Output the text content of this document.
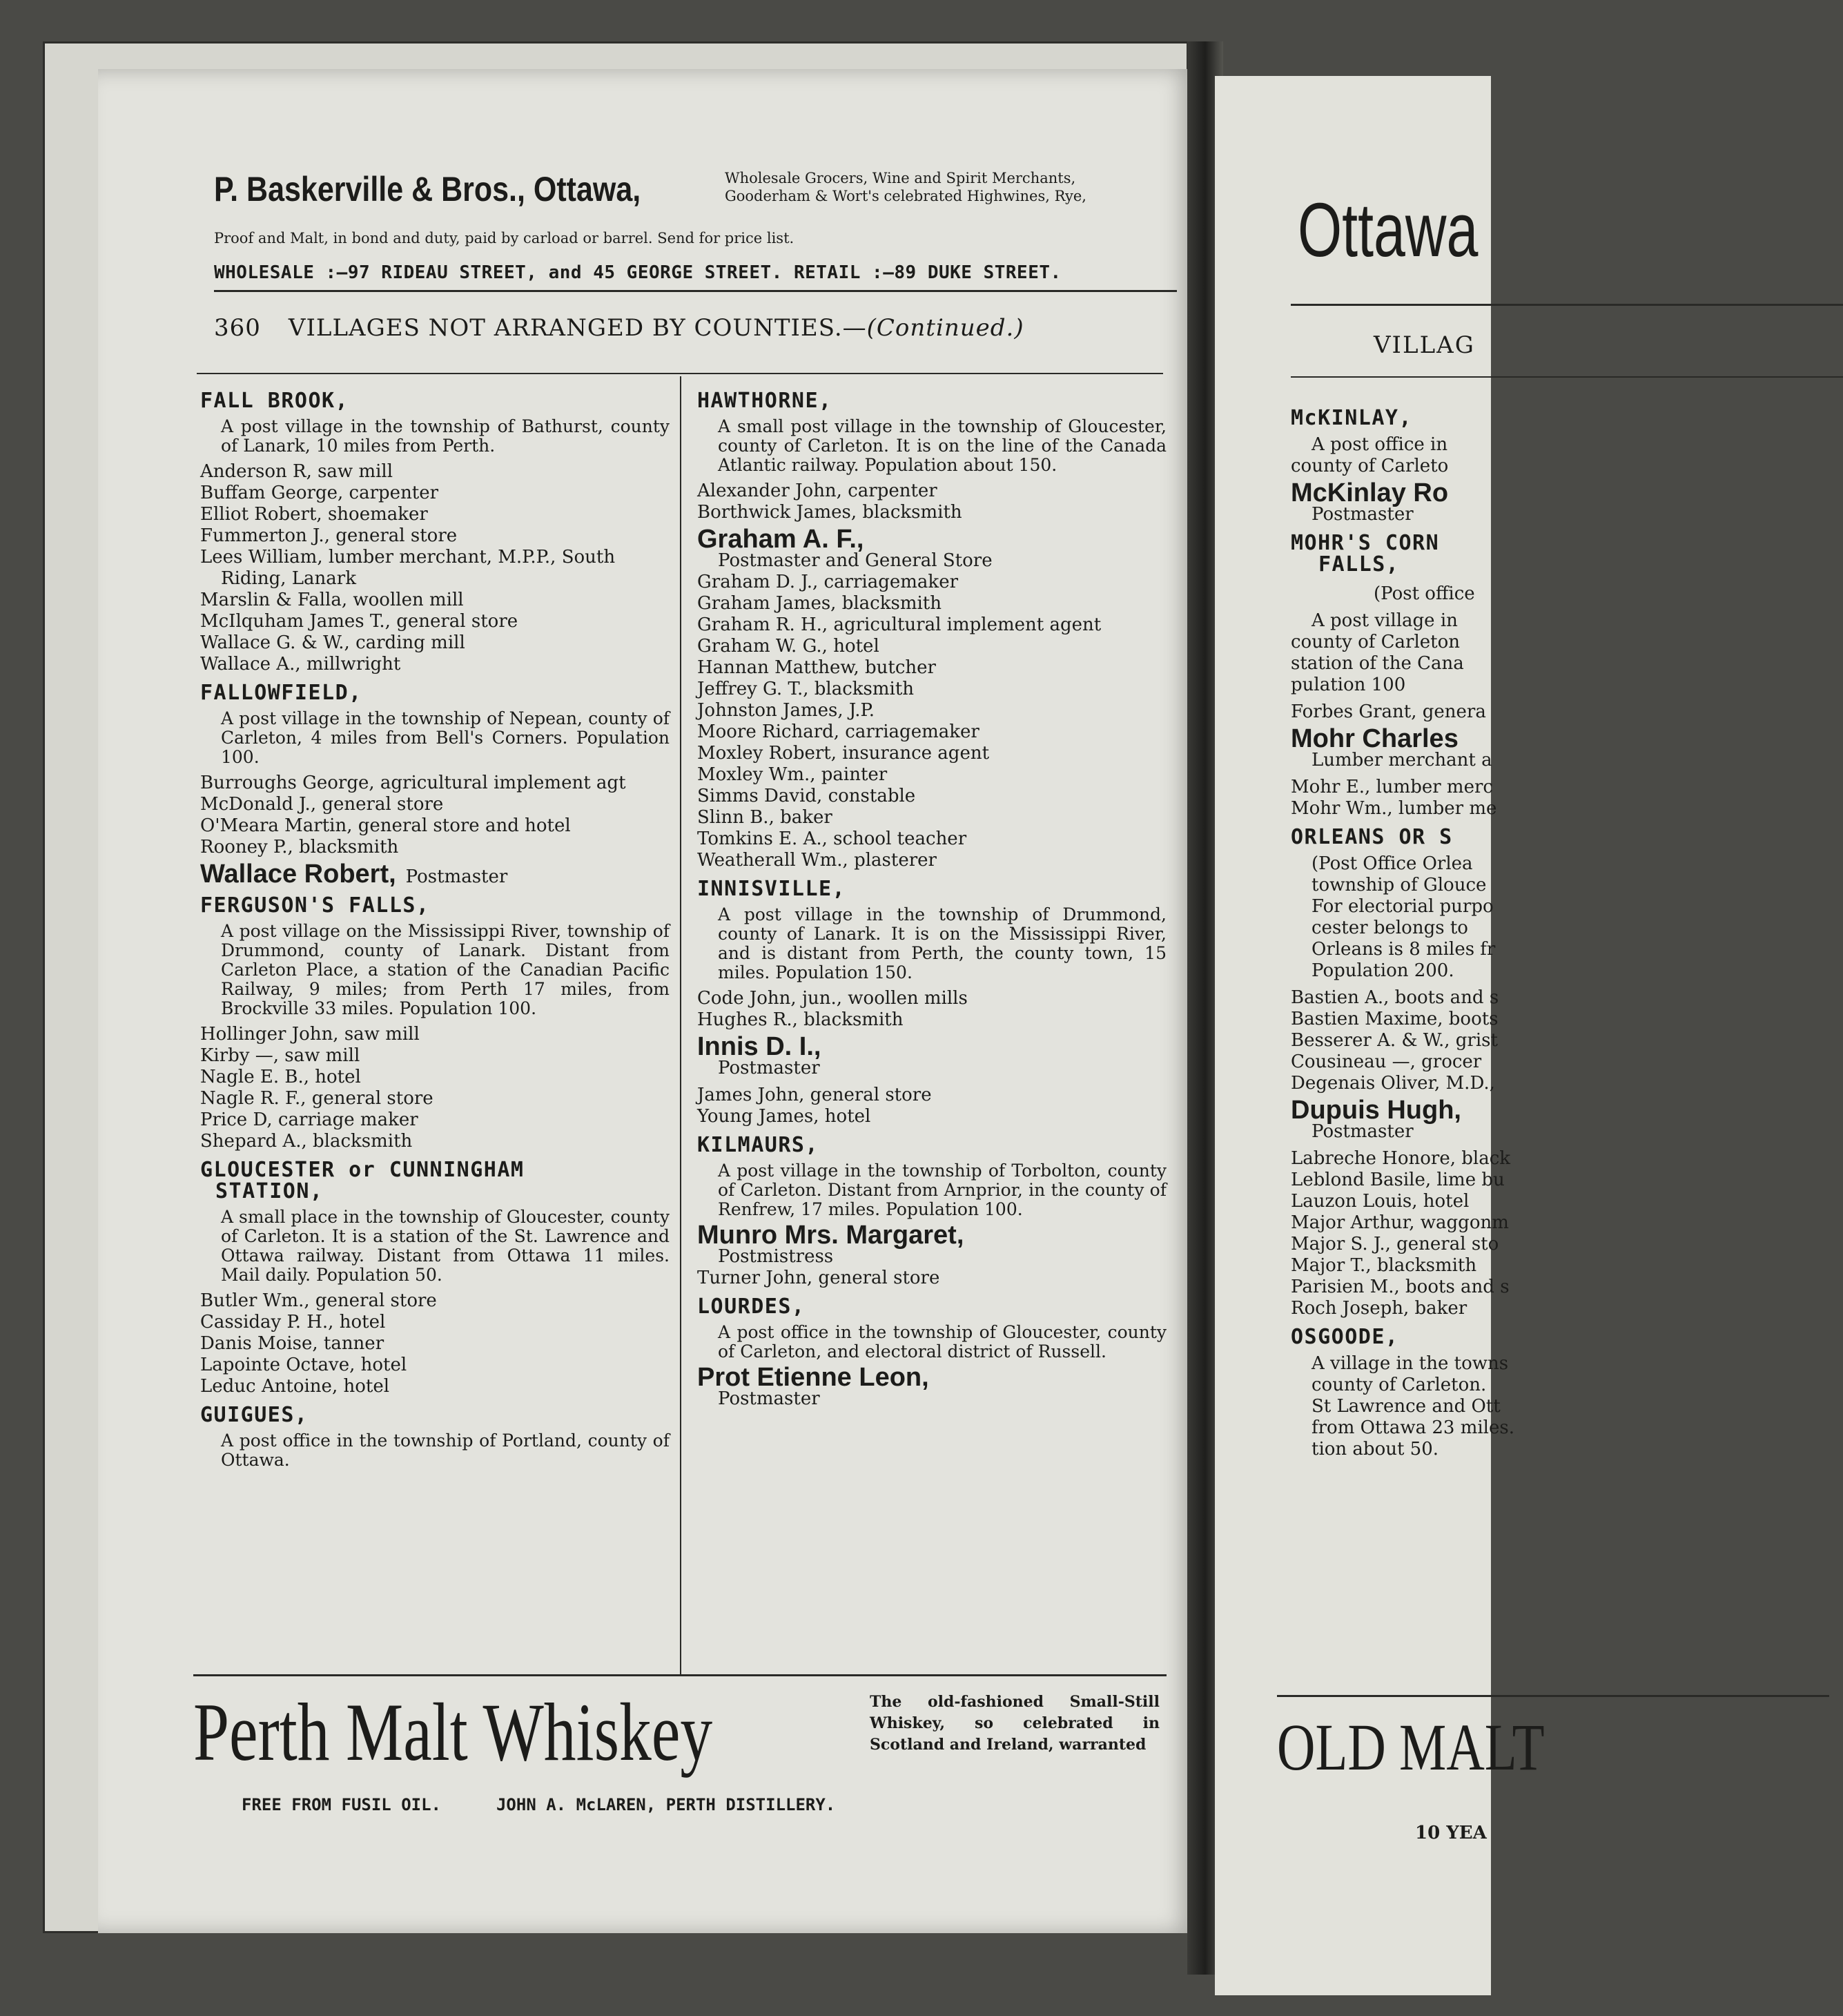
P. Baskerville & Bros., Ottawa,	Wholesale Grocers, Wine and Spirit Merchants,
Gooderham & Wort's celebrated Highwines, Rye,
Proof and Malt, in bond and duty, paid by carload or barrel. Send for price list.
WHOLESALE :—97 RIDEAU STREET, and 45 GEORGE STREET. RETAIL :—89 DUKE STREET.
360 VILLAGES NOT ARRANGED BY COUNTIES.—(Continued.)
FALL BROOK,
A post village in the township of Bathurst, county of Lanark, 10 miles from Perth.
Anderson R, saw mill
Buffam George, carpenter
Elliot Robert, shoemaker
Fummerton J., general store
Lees William, lumber merchant, M.P.P., South
Riding, Lanark
Marslin & Falla, woollen mill
McIlquham James T., general store
Wallace G. & W., carding mill
Wallace A., millwright
FALLOWFIELD,
A post village in the township of Nepean, county of Carleton, 4 miles from Bell's Corners. Population 100.
Burroughs George, agricultural implement agt
McDonald J., general store
O'Meara Martin, general store and hotel
Rooney P., blacksmith
Wallace Robert, Postmaster
FERGUSON'S FALLS,
A post village on the Mississippi River, township of Drummond, county of Lanark. Distant from Carleton Place, a station of the Canadian Pacific Railway, 9 miles; from Perth 17 miles, from Brockville 33 miles. Population 100.
Hollinger John, saw mill
Kirby —, saw mill
Nagle E. B., hotel
Nagle R. F., general store
Price D, carriage maker
Shepard A., blacksmith
GLOUCESTER or CUNNINGHAM
STATION,
A small place in the township of Gloucester, county of Carleton. It is a station of the St. Lawrence and Ottawa railway. Distant from Ottawa 11 miles. Mail daily. Population 50.
Butler Wm., general store
Cassiday P. H., hotel
Danis Moise, tanner
Lapointe Octave, hotel
Leduc Antoine, hotel
GUIGUES,
A post office in the township of Portland, county of Ottawa.
HAWTHORNE,
A small post village in the township of Gloucester, county of Carleton. It is on the line of the Canada Atlantic railway. Population about 150.
Alexander John, carpenter
Borthwick James, blacksmith
Graham A. F.,
Postmaster and General Store
Graham D. J., carriagemaker
Graham James, blacksmith
Graham R. H., agricultural implement agent
Graham W. G., hotel
Hannan Matthew, butcher
Jeffrey G. T., blacksmith
Johnston James, J.P.
Moore Richard, carriagemaker
Moxley Robert, insurance agent
Moxley Wm., painter
Simms David, constable
Slinn B., baker
Tomkins E. A., school teacher
Weatherall Wm., plasterer
INNISVILLE,
A post village in the township of Drummond, county of Lanark. It is on the Mississippi River, and is distant from Perth, the county town, 15 miles. Population 150.
Code John, jun., woollen mills
Hughes R., blacksmith
Innis D. I.,
Postmaster
James John, general store
Young James, hotel
KILMAURS,
A post village in the township of Torbolton, county of Carleton. Distant from Arnprior, in the county of Renfrew, 17 miles. Population 100.
Munro Mrs. Margaret,
Postmistress
Turner John, general store
LOURDES,
A post office in the township of Gloucester, county of Carleton, and electoral district of Russell.
Prot Etienne Leon,
Postmaster
Perth Malt Whiskey	The old-fashioned Small-Still Whiskey, so celebrated in Scotland and Ireland, warranted
FREE FROM FUSIL OIL.	JOHN A. McLAREN, PERTH DISTILLERY.
Ottawa
VILLAG
McKINLAY,
A post office in
county of Carleto
McKinlay Ro
Postmaster
MOHR'S CORN
FALLS,
(Post office
A post village in
county of Carleton
station of the Cana
pulation 100
Forbes Grant, genera
Mohr Charles
Lumber merchant a
Mohr E., lumber merc
Mohr Wm., lumber me
ORLEANS OR S
(Post Office Orlea
township of Glouce
For electorial purpo
cester belongs to
Orleans is 8 miles fr
Population 200.
Bastien A., boots and s
Bastien Maxime, boots
Besserer A. & W., grist
Cousineau —, grocer
Degenais Oliver, M.D.,
Dupuis Hugh,
Postmaster
Labreche Honore, black
Leblond Basile, lime bu
Lauzon Louis, hotel
Major Arthur, waggonm
Major S. J., general sto
Major T., blacksmith
Parisien M., boots and s
Roch Joseph, baker
OSGOODE,
A village in the towns
county of Carleton.
St Lawrence and Ott
from Ottawa 23 miles.
tion about 50.
OLD MALT
10 YEA
